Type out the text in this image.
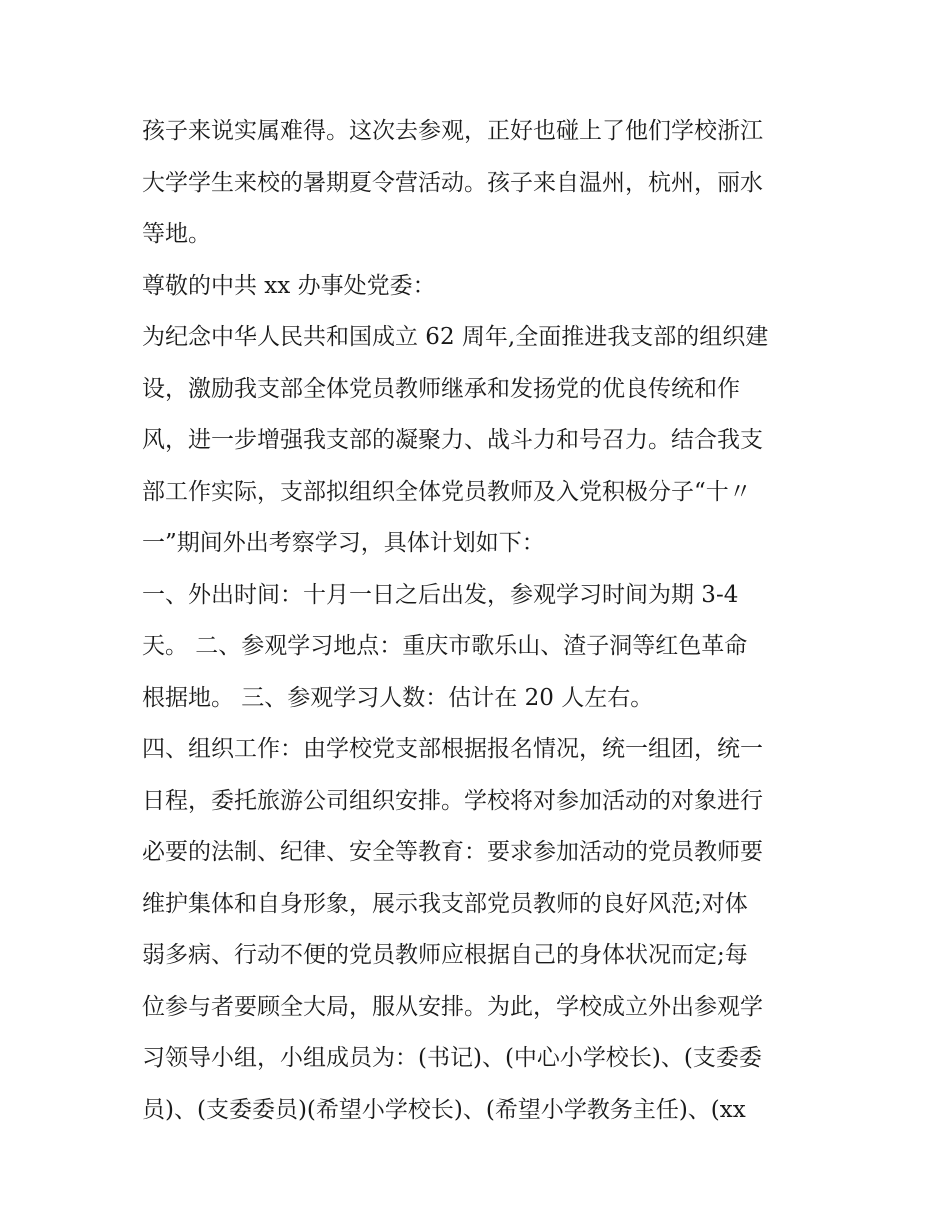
孩子来说实属难得。这次去参观，正好也碰上了他们学校浙江
大学学生来校的暑期夏令营活动。孩子来自温州，杭州，丽水
等地。
尊敬的中共 xx 办事处党委：
为纪念中华人民共和国成立 62 周年,全面推进我支部的组织建
设，激励我支部全体党员教师继承和发扬党的优良传统和作
风，进一步增强我支部的凝聚力、战斗力和号召力。结合我支
部工作实际，支部拟组织全体党员教师及入党积极分子“十〃
一”期间外出考察学习，具体计划如下：
一、外出时间：十月一日之后出发，参观学习时间为期 3-4
天。 二、参观学习地点：重庆市歌乐山、渣子洞等红色革命
根据地。 三、参观学习人数：估计在 20 人左右。
四、组织工作：由学校党支部根据报名情况，统一组团，统一
日程，委托旅游公司组织安排。学校将对参加活动的对象进行
必要的法制、纪律、安全等教育：要求参加活动的党员教师要
维护集体和自身形象，展示我支部党员教师的良好风范;对体
弱多病、行动不便的党员教师应根据自己的身体状况而定;每
位参与者要顾全大局，服从安排。为此，学校成立外出参观学
习领导小组，小组成员为：(书记)、(中心小学校长)、(支委委
员)、(支委委员)(希望小学校长)、(希望小学教务主任)、(xx
